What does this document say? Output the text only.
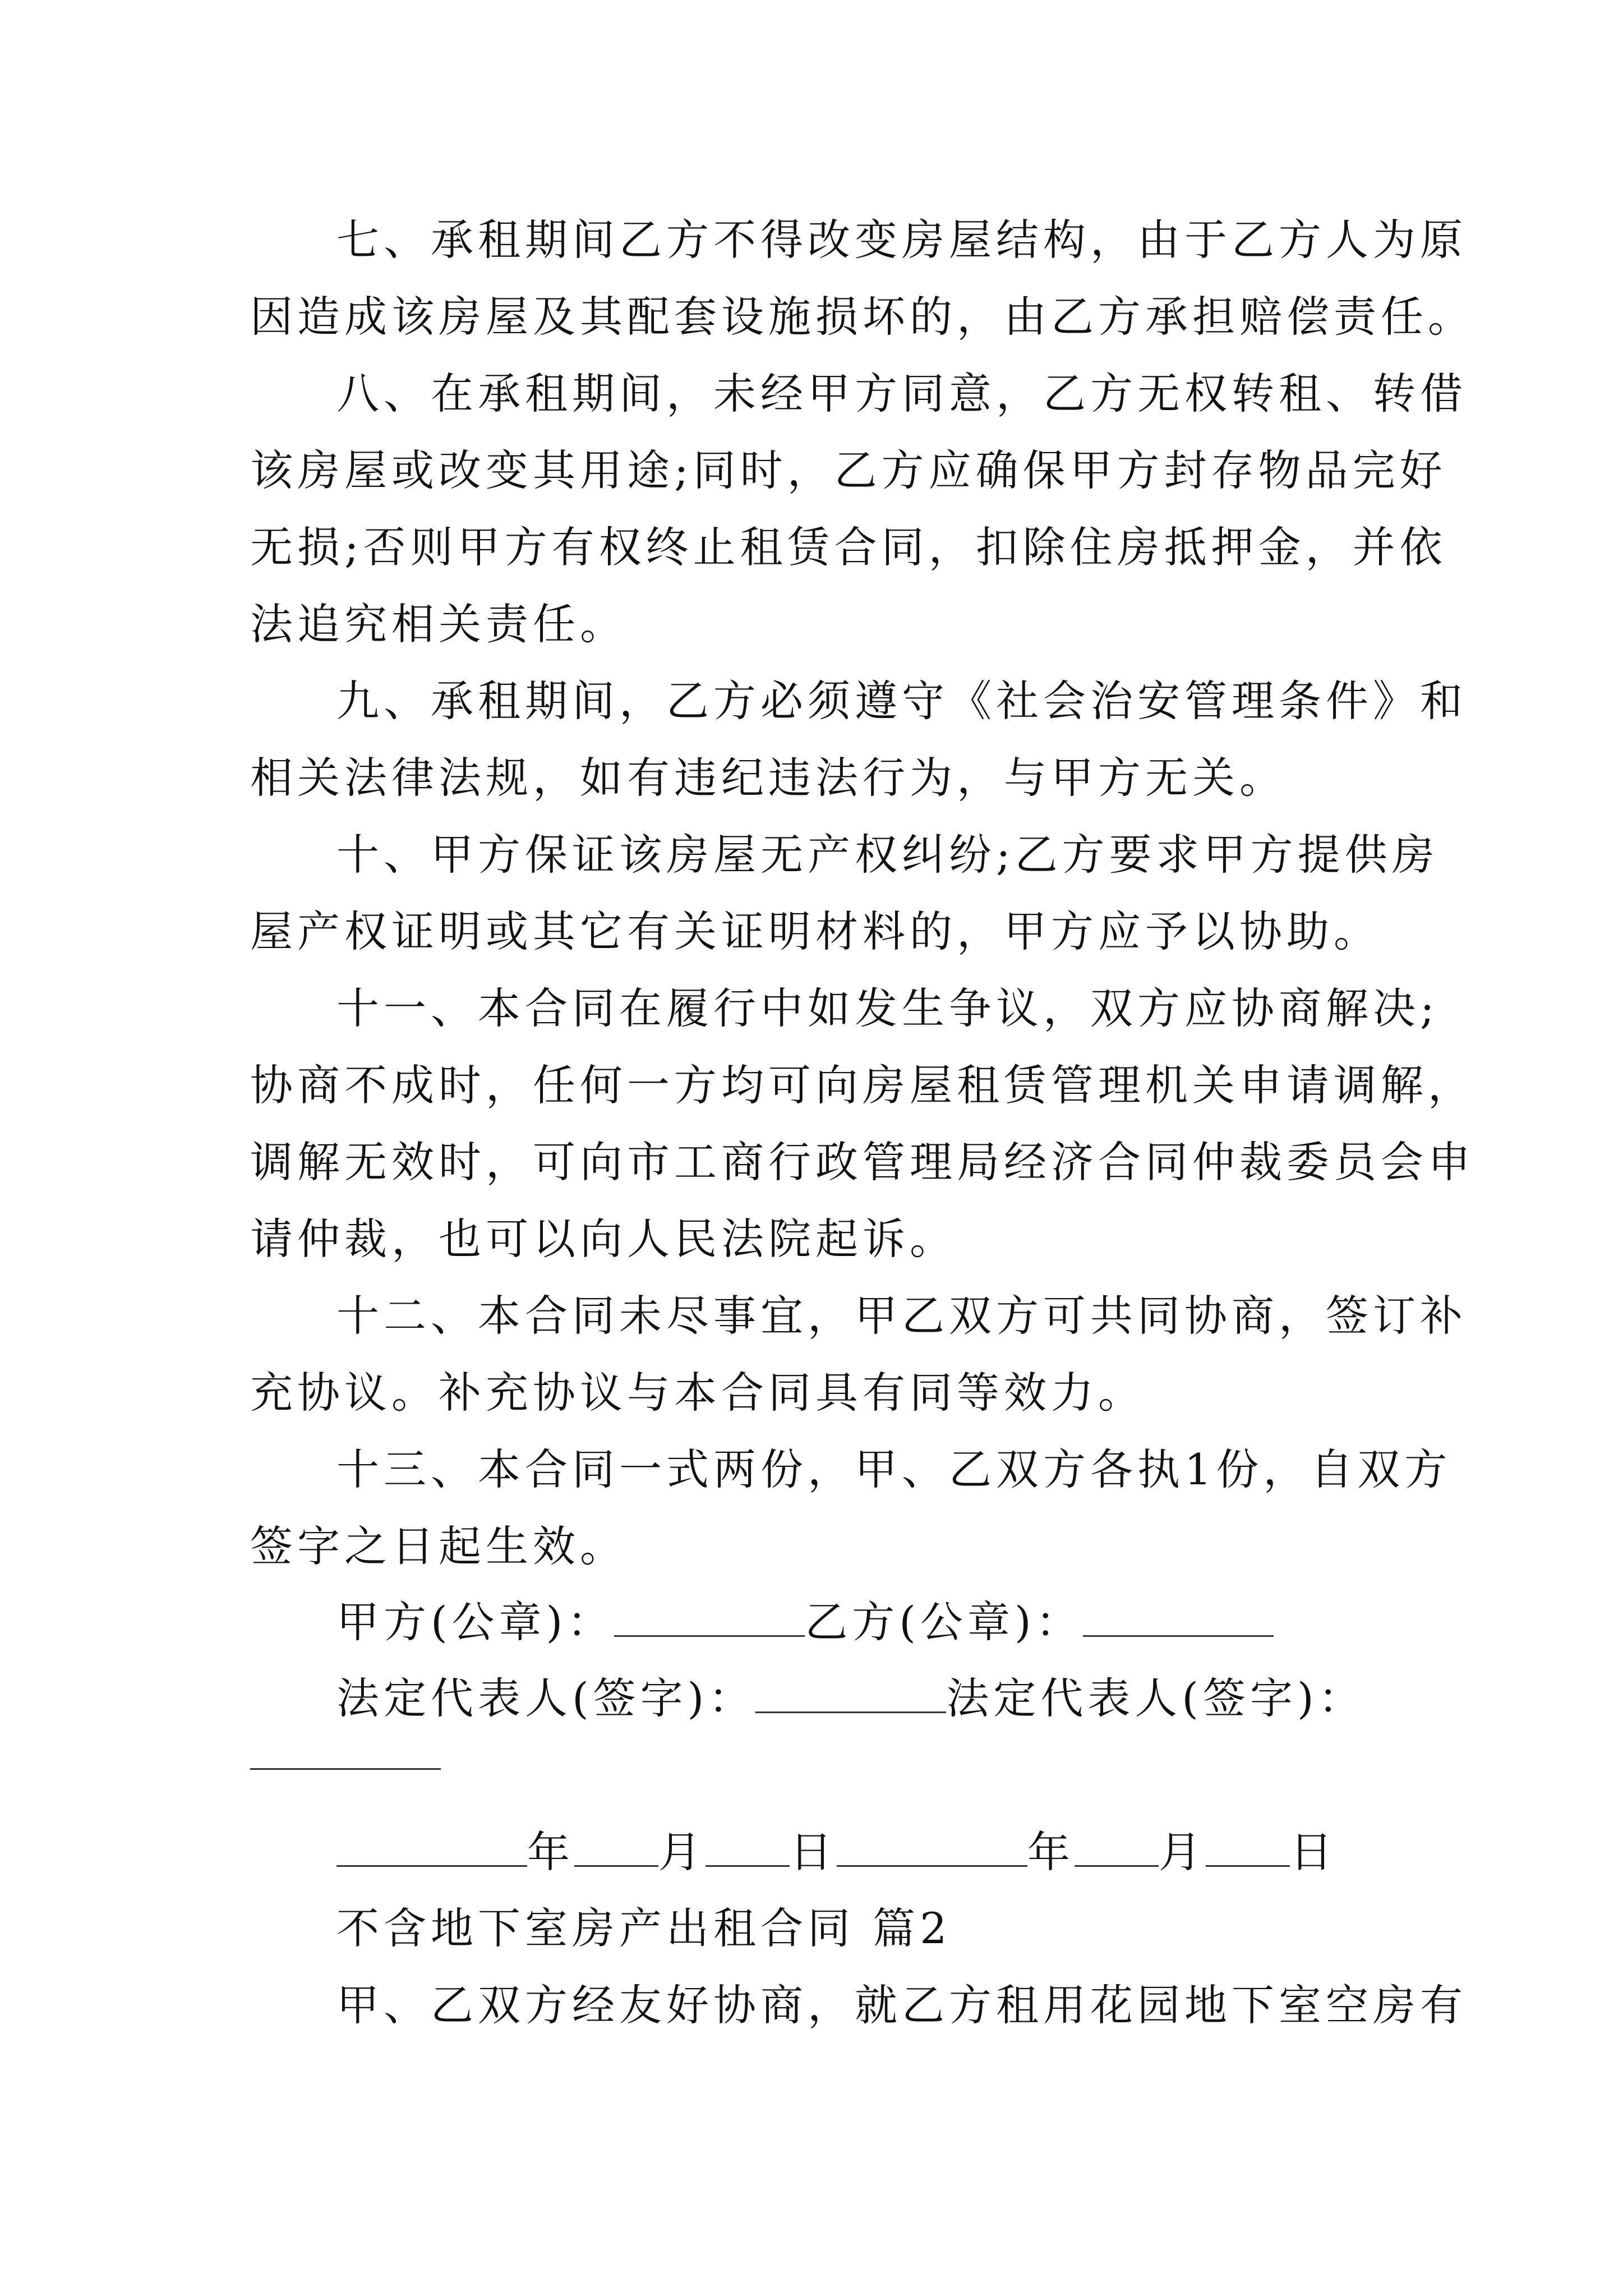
七、承租期间乙方不得改变房屋结构，由于乙方人为原
因造成该房屋及其配套设施损坏的，由乙方承担赔偿责任。
八、在承租期间，未经甲方同意，乙方无权转租、转借
该房屋或改变其用途;同时，乙方应确保甲方封存物品完好
无损;否则甲方有权终止租赁合同，扣除住房抵押金，并依
法追究相关责任。
九、承租期间，乙方必须遵守《社会治安管理条件》和
相关法律法规，如有违纪违法行为，与甲方无关。
十、甲方保证该房屋无产权纠纷;乙方要求甲方提供房
屋产权证明或其它有关证明材料的，甲方应予以协助。
十一、本合同在履行中如发生争议，双方应协商解决;
协商不成时，任何一方均可向房屋租赁管理机关申请调解，
调解无效时，可向市工商行政管理局经济合同仲裁委员会申
请仲裁，也可以向人民法院起诉。
十二、本合同未尽事宜，甲乙双方可共同协商，签订补
充协议。补充协议与本合同具有同等效力。
十三、本合同一式两份，甲、乙双方各执1份，自双方
签字之日起生效。
甲方(公章)：	乙方(公章)：
法定代表人(签字)：	法定代表人(签字)：
年 月 日	年 月 日
不含地下室房产出租合同 篇2
甲、乙双方经友好协商，就乙方租用花园地下室空房有
